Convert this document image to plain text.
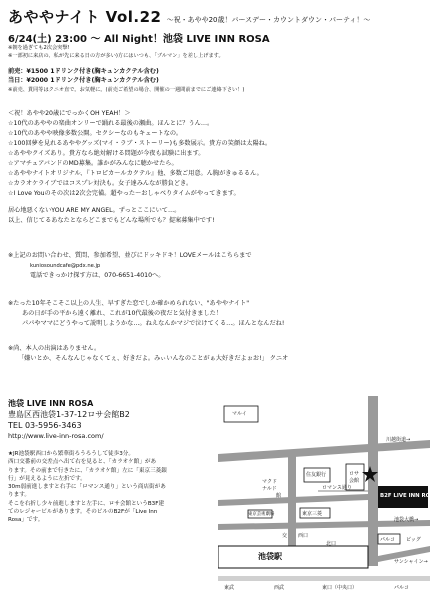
あややナイト Vol.22 ～祝・あやや20歳！バースデー・カウントダウン・パーティ！～
6/24(土) 23:00 ～ All Night！池袋 LIVE INN ROSA
※朝を過ぎても2次会突撃!
※一部初に来店の、私が先に来る日の方が多い)方にはいつも、「ブルマン」を差し上げます。
前売：¥1500 1ドリンク付き(胸キュンカクテル含む)
当日：¥2000 1ドリンク付き(胸キュンカクテル含む)
※前売、貰同等はクニオ直で。お気軽に。(前売ご希望の場合、開催の一週間前までにご連絡下さい！)
＜祝！あやや20歳にでっかくOH YEAH！＞
☆10代のあややの楽曲オンリーで踊れる最後の瀬曲。ほんとに？うん…。
☆10代のあやや映像多数公開。セクシーなのもキュートなの。
☆100回夢を見れるあややグッズ(マイ・ラブ・ストーリー)も多数展示。貴方の笑顔は太陽ね。
☆あややクイズあり。貴方なら絶対解ける問題が今夜も試験に出ます。
☆アマチュアバンドのMD募集。誰かがみんなに聴かせたら。
☆あややナイトオリジナル、『トロピカ～ルカクテル』他、多数ご用意。ん胸がきゅるるん。
☆カラオケライブではコスプレ対決も。女子達みんなが勝負どき。
☆I Love Youのその次は2次会完備。超やった～おしゃべりタイムがやってきます。
居心地悪くないYOU ARE MY ANGEL。ずっとここにいて…。
以上、信じてるあなたとならどこまでもどんな場所でも？提案募集中です!
※上記のお問い合わせ、質問、参加希望、並びにドッキドキ！LOVEメールはこちらまで
kuniosoundcafe@pdx.ne.jp
電話できっかけ探す方は、070-6651-4010へ。
※たった10年そこそこ以上の人生、早すぎた恋でしか確かめられない、"あややナイト"
あの日が手の平から遠く離れ、これが10代最後の夜だと気付きました！
パパやママにどうやって説明しようかな…。ねえなんかマジで泣けてくる…。ほんとなんだね!
※尚、本人の出演はありません。
「嫌いとか、そんなんじゃなくてぇ、好きだよ。みぃいんなのことがぁ大好きだよぉお!」 クニオ
池袋 LIVE INN ROSA
豊島区西池袋1-37-12ロサ会館B2
TEL 03-5956-3463
http://www.live-inn-rosa.com/
★JR池袋駅西口から繁華街ろうろうして徒歩3分。
西口交番前の交差点へ出て右を見ると、「カラオケ館」があ
ります。その前まで行きたに、「カラオケ館」左に「東京三菱銀
行」が見えるように左折です。
30m弱前進しますと右手に「ロマンス通り」という商店街があ
ります。
そこを右折し少々前進しますと左手に、ロサ会館というB3F建
てのレジャービルがあります。そのビルのB2Fが「Live Inn
Rosa」です。
マルイ
川越街道→
住友銀行	ロサ会館
ロマンス通り
マクド
ナルド
館
東京三菱
東京芸術劇場
西口
交
北口
池袋駅
東口（中央口）
パルコ
パルコ
西武
東武
池袋大橋→
ビッグ
B2F LIVE INN ROSA
サンシャイン→
